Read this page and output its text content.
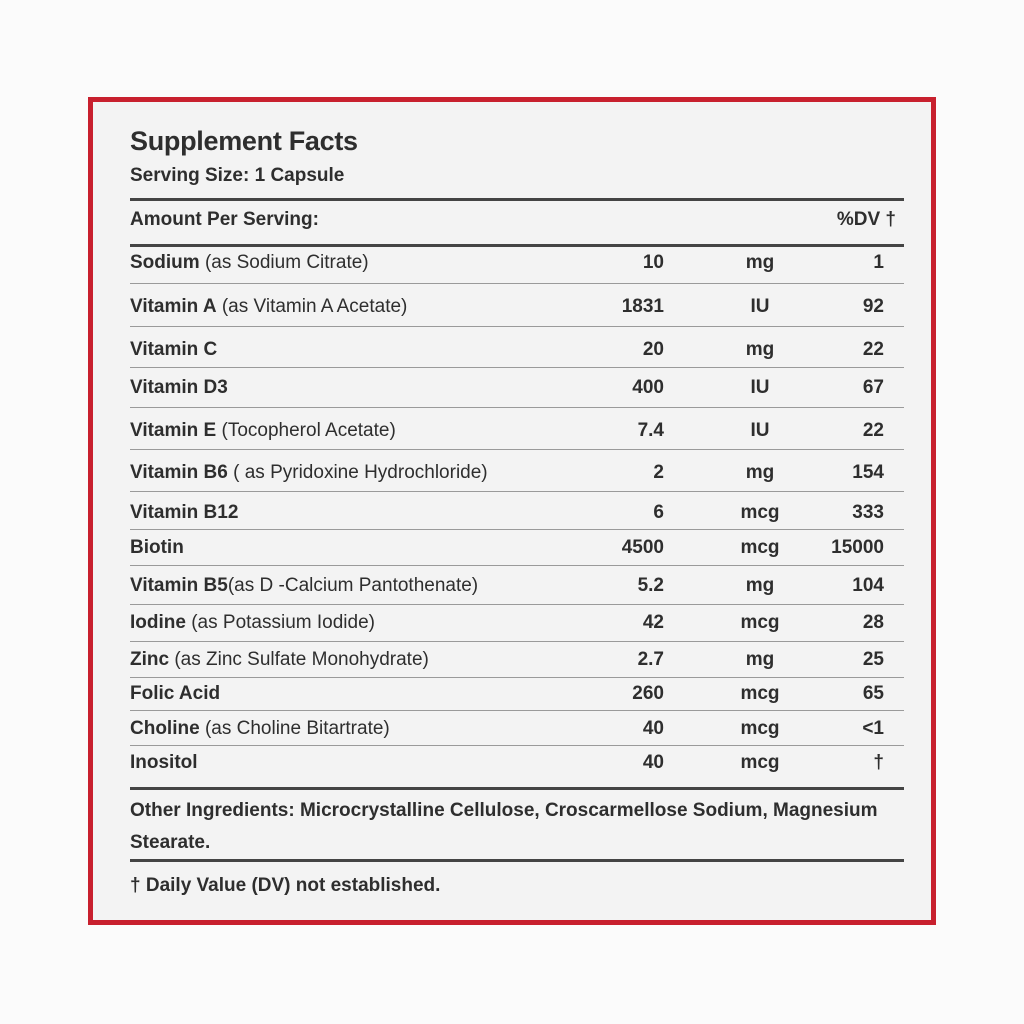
Supplement Facts
Serving Size: 1 Capsule
Amount Per Serving:	%DV †
Sodium (as Sodium Citrate)	10	mg	1
Vitamin A (as Vitamin A Acetate)	1831	IU	92
Vitamin C	20	mg	22
Vitamin D3	400	IU	67
Vitamin E (Tocopherol Acetate)	7.4	IU	22
Vitamin B6 ( as Pyridoxine Hydrochloride)	2	mg	154
Vitamin B12	6	mcg	333
Biotin	4500	mcg	15000
Vitamin B5(as D -Calcium Pantothenate)	5.2	mg	104
Iodine (as Potassium Iodide)	42	mcg	28
Zinc (as Zinc Sulfate Monohydrate)	2.7	mg	25
Folic Acid	260	mcg	65
Choline (as Choline Bitartrate)	40	mcg	<1
Inositol	40	mcg	†
Other Ingredients: Microcrystalline Cellulose, Croscarmellose Sodium, Magnesium Stearate.
† Daily Value (DV) not established.
